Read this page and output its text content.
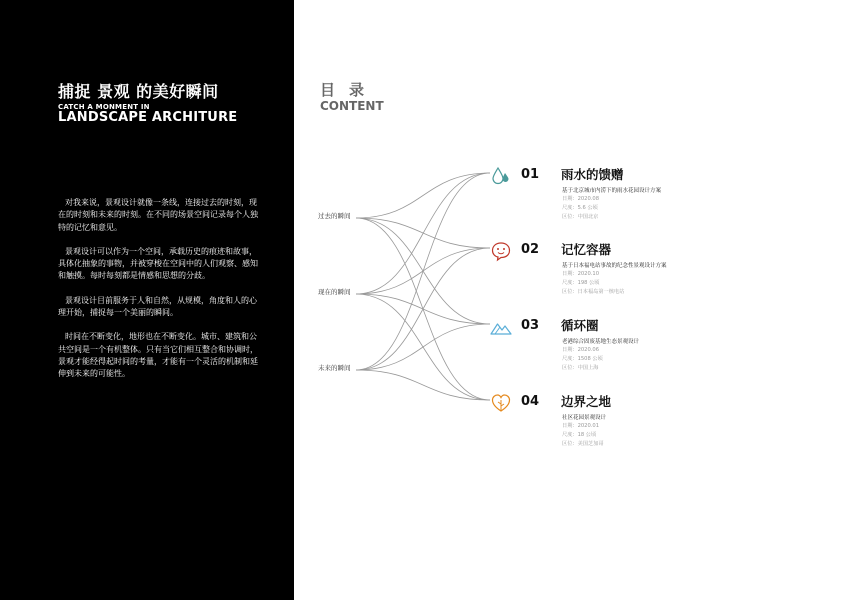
捕捉 景观 的美好瞬间
CATCH A MONMENT IN
LANDSCAPE ARCHITURE

对我来说，景观设计就像一条线，连接过去的时刻，现在的时刻和未来的时刻。在不同的场景空间记录每个人独特的记忆和意见。

景观设计可以作为一个空间，承载历史的痕迹和故事，具体化抽象的事物，并被穿梭在空间中的人们观察、感知和触摸。每时每刻都是情感和思想的分歧。

景观设计目前服务于人和自然，从规模，角度和人的心理开始，捕捉每一个美丽的瞬间。

时间在不断变化，地形也在不断变化。城市、建筑和公共空间是一个有机整体。只有当它们相互整合和协调时，景观才能经得起时间的考量，才能有一个灵活的机制和延伸到未来的可能性。

目录
CONTENT
过去的瞬间
现在的瞬间
未来的瞬间
01 雨水的馈赠
基于北京城市内涝下的雨水花园设计方案
日期：2020.08
尺度：5.6 公顷
区位：中国北京
02 记忆容器
基于日本福电站事故的纪念性景观设计方案
日期：2020.10
尺度：198 公顷
区位：日本福岛第一核电站
03 循环圈
老港综合固废基地生态景观设计
日期：2020.06
尺度：1508 公顷
区位：中国上海
04 边界之地
社区花园景观设计
日期：2020.01
尺度：18 公顷
区位：美国芝加哥
